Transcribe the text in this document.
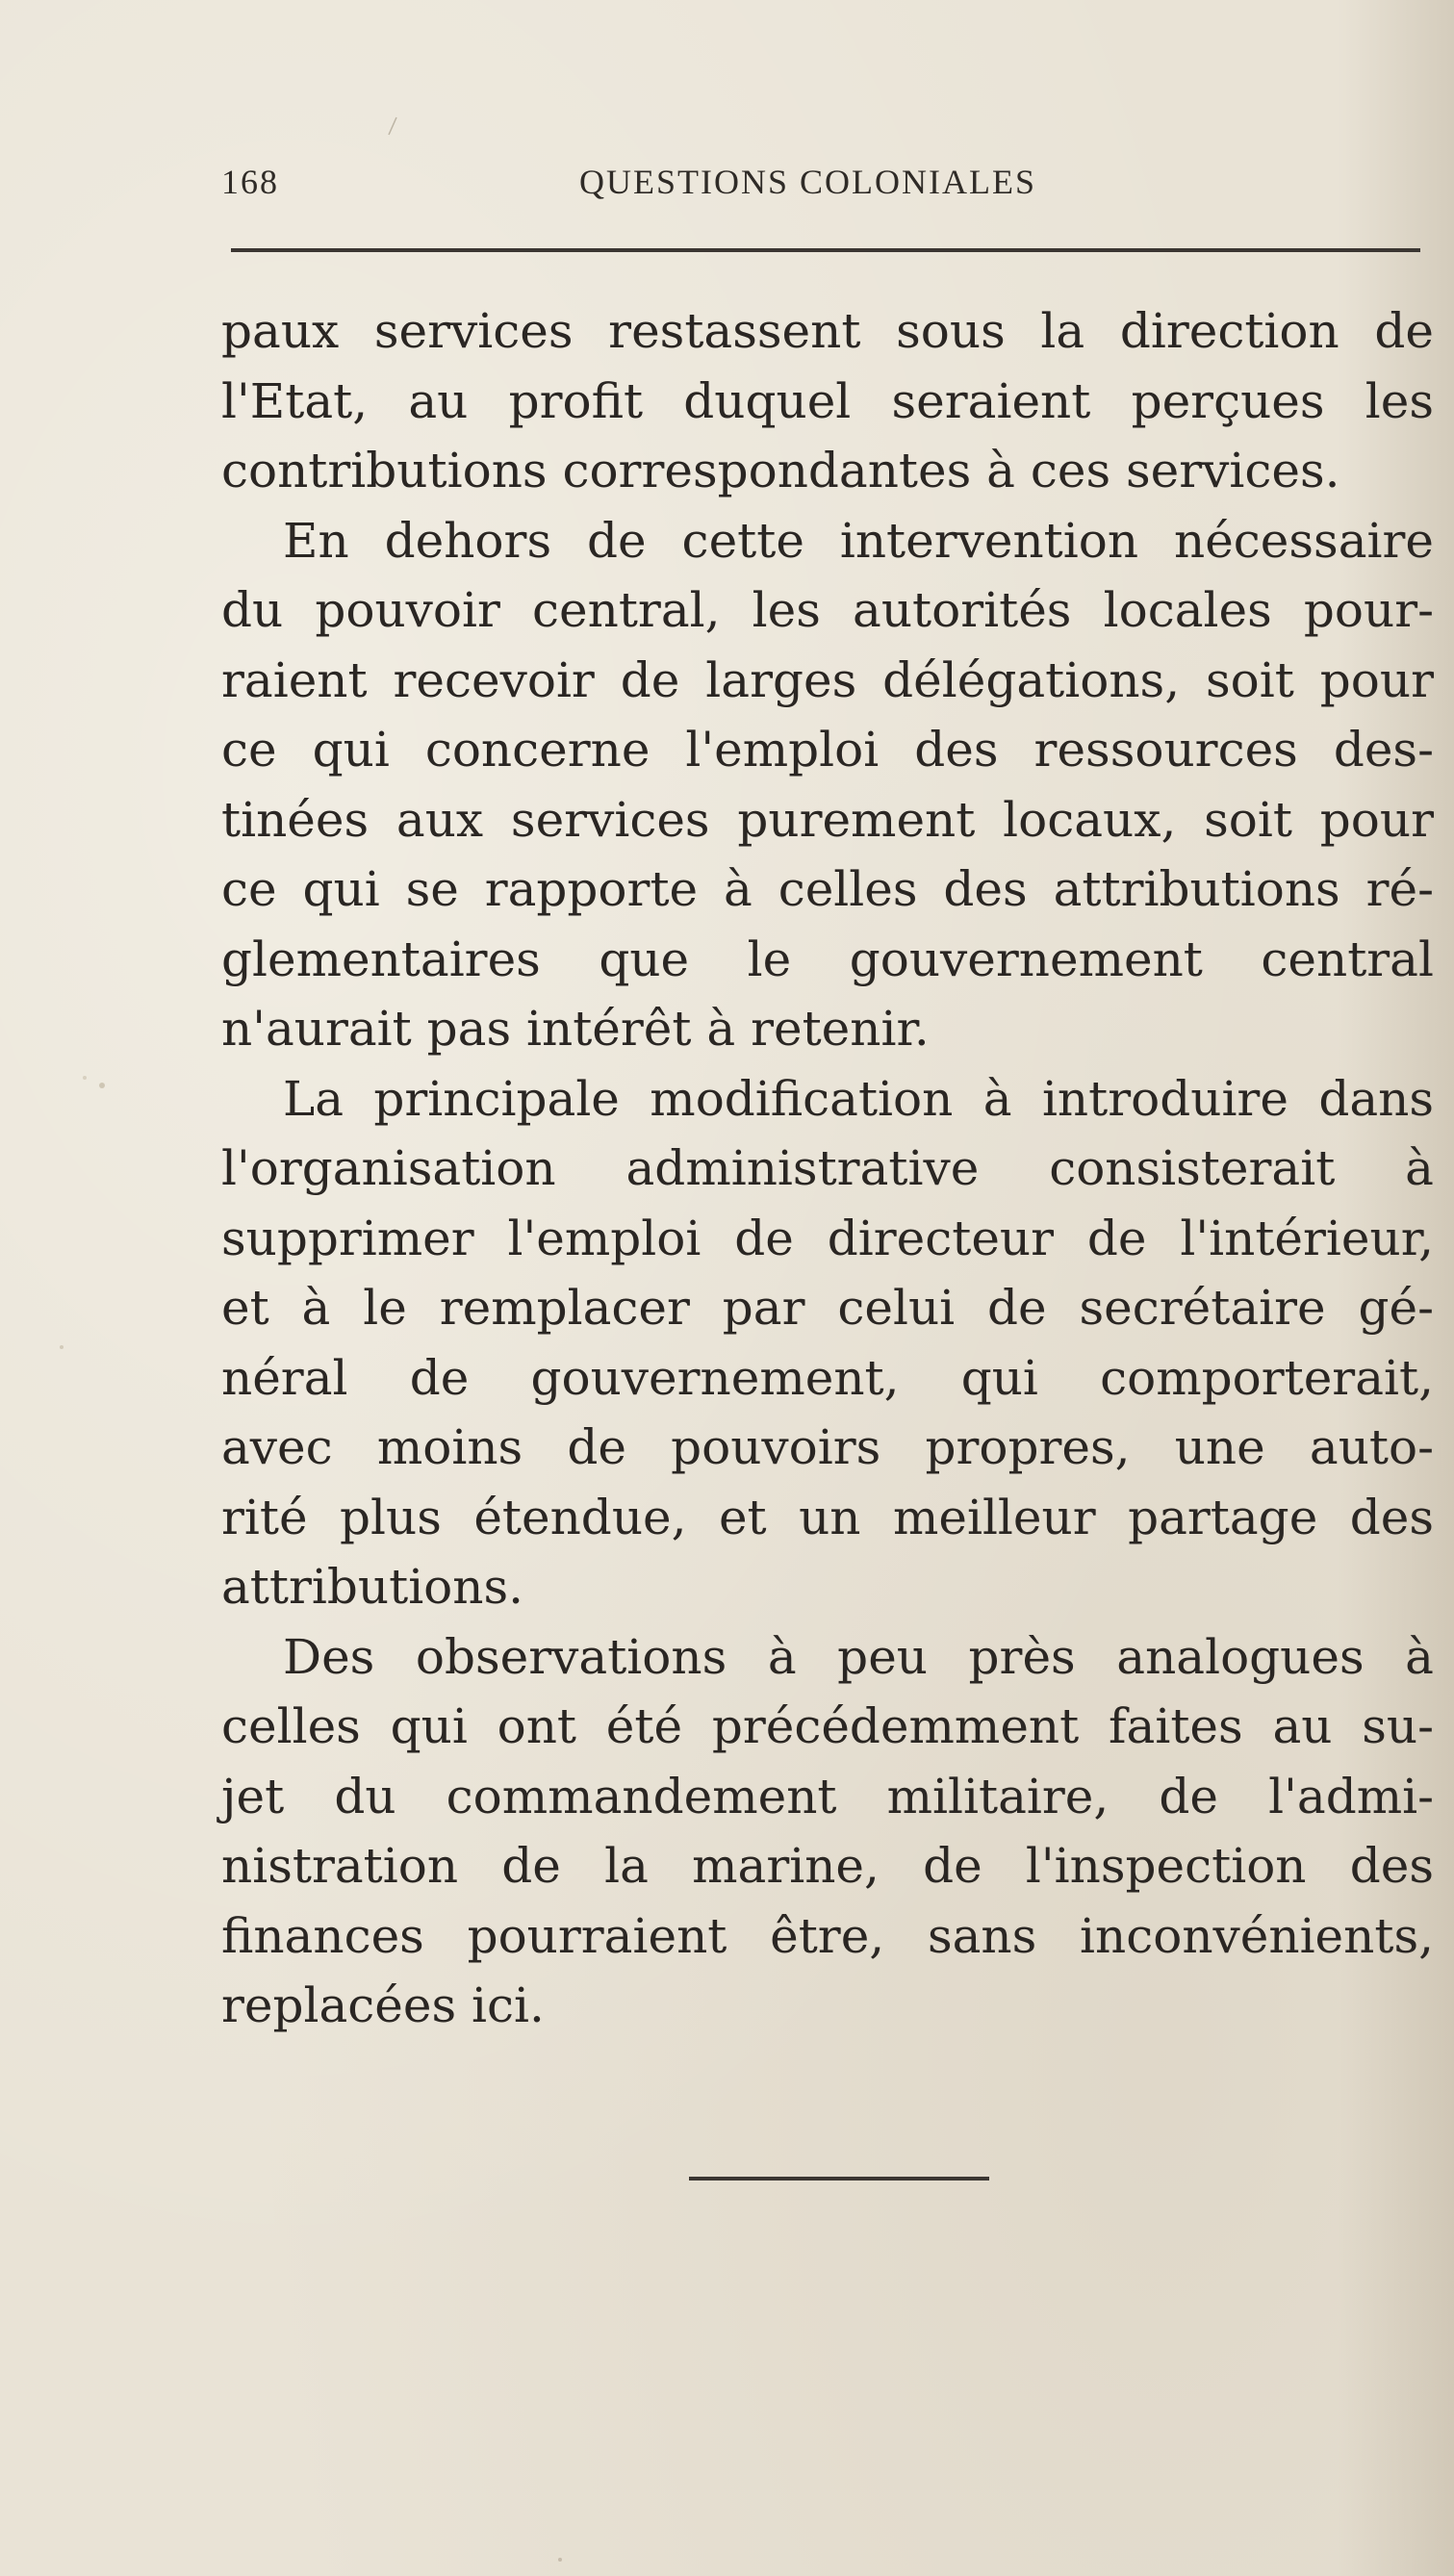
168	QUESTIONS COLONIALES
paux services restassent sous la direction de
l'Etat, au profit duquel seraient perçues les
contributions correspondantes à ces services.
En dehors de cette intervention nécessaire
du pouvoir central, les autorités locales pour-
raient recevoir de larges délégations, soit pour
ce qui concerne l'emploi des ressources des-
tinées aux services purement locaux, soit pour
ce qui se rapporte à celles des attributions ré-
glementaires que le gouvernement central
n'aurait pas intérêt à retenir.
La principale modification à introduire dans
l'organisation administrative consisterait à
supprimer l'emploi de directeur de l'intérieur,
et à le remplacer par celui de secrétaire gé-
néral de gouvernement, qui comporterait,
avec moins de pouvoirs propres, une auto-
rité plus étendue, et un meilleur partage des
attributions.
Des observations à peu près analogues à
celles qui ont été précédemment faites au su-
jet du commandement militaire, de l'admi-
nistration de la marine, de l'inspection des
finances pourraient être, sans inconvénients,
replacées ici.
